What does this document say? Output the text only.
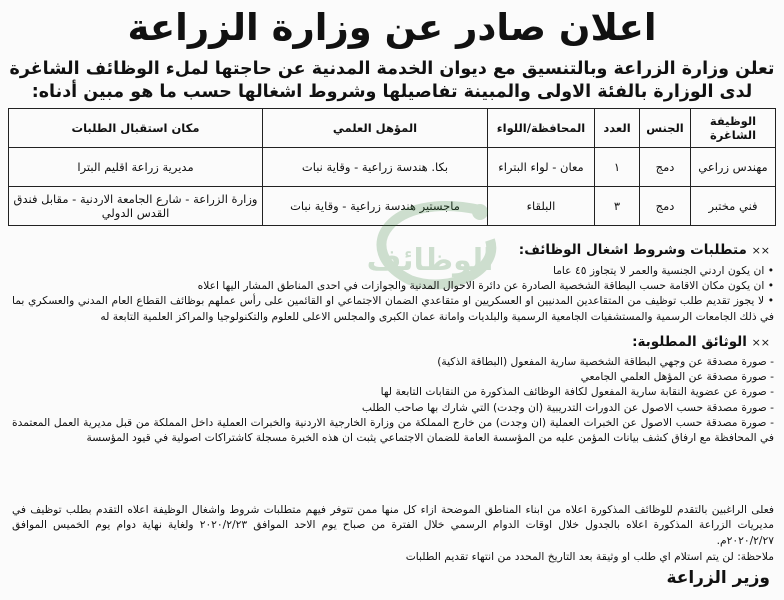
اعلان صادر عن وزارة الزراعة
تعلن وزارة الزراعة وبالتنسيق مع ديوان الخدمة المدنية عن حاجتها لملء الوظائف الشاغرة لدى الوزارة بالفئة الاولى والمبينة تفاصيلها وشروط اشغالها حسب ما هو مبين أدناه:
الوظيفة الشاغرة	الجنس	العدد	المحافظة/اللواء	المؤهل العلمي	مكان استقبال الطلبات
مهندس زراعي	دمج	١	معان - لواء البتراء	بكا. هندسة زراعية - وقاية نبات	مديرية زراعة اقليم البترا
فني مختبر	دمج	٣	البلقاء	ماجستير هندسة زراعية - وقاية نبات	وزارة الزراعة - شارع الجامعة الاردنية - مقابل فندق القدس الدولي
الوظائف	×× متطلبات وشروط اشغال الوظائف:
• ان يكون اردني الجنسية والعمر لا يتجاوز ٤٥ عاما
• ان يكون مكان الاقامة حسب البطاقة الشخصية الصادرة عن دائرة الاحوال المدنية والجوازات في احدى المناطق المشار اليها اعلاه
• لا يجوز تقديم طلب توظيف من المتقاعدين المدنيين او العسكريين او متقاعدي الضمان الاجتماعي او القائمين على رأس عملهم بوظائف القطاع العام المدني والعسكري بما في ذلك الجامعات الرسمية والمستشفيات الجامعية الرسمية والبلديات وامانة عمان الكبرى والمجلس الاعلى للعلوم والتكنولوجيا والمراكز العلمية التابعة له
×× الوثائق المطلوبة:
- صورة مصدقة عن وجهي البطاقة الشخصية سارية المفعول (البطاقة الذكية)
- صورة مصدقة عن المؤهل العلمي الجامعي
- صورة عن عضوية النقابة سارية المفعول لكافة الوظائف المذكورة من النقابات التابعة لها
- صورة مصدقة حسب الاصول عن الدورات التدريبية (ان وجدت) التي شارك بها صاحب الطلب
- صورة مصدقة حسب الاصول عن الخبرات العملية (ان وجدت) من خارج المملكة من وزارة الخارجية الاردنية والخبرات العملية داخل المملكة من قبل مديرية العمل المعتمدة في المحافظة مع ارفاق كشف بيانات المؤمن عليه من المؤسسة العامة للضمان الاجتماعي يثبت ان هذه الخبرة مسجلة كاشتراكات اصولية في قيود المؤسسة

فعلى الراغبين بالتقدم للوظائف المذكورة اعلاه من ابناء المناطق الموضحة ازاء كل منها ممن تتوفر فيهم متطلبات شروط واشغال الوظيفة اعلاه التقدم بطلب توظيف في مديريات الزراعة المذكورة اعلاه بالجدول خلال اوقات الدوام الرسمي خلال الفترة من صباح يوم الاحد الموافق ٢٠٢٠/٢/٢٣ ولغاية نهاية دوام يوم الخميس الموافق ٢٠٢٠/٢/٢٧م.

ملاحظة: لن يتم استلام اي طلب او وثيقة بعد التاريخ المحدد من انتهاء تقديم الطلبات
وزير الزراعة
